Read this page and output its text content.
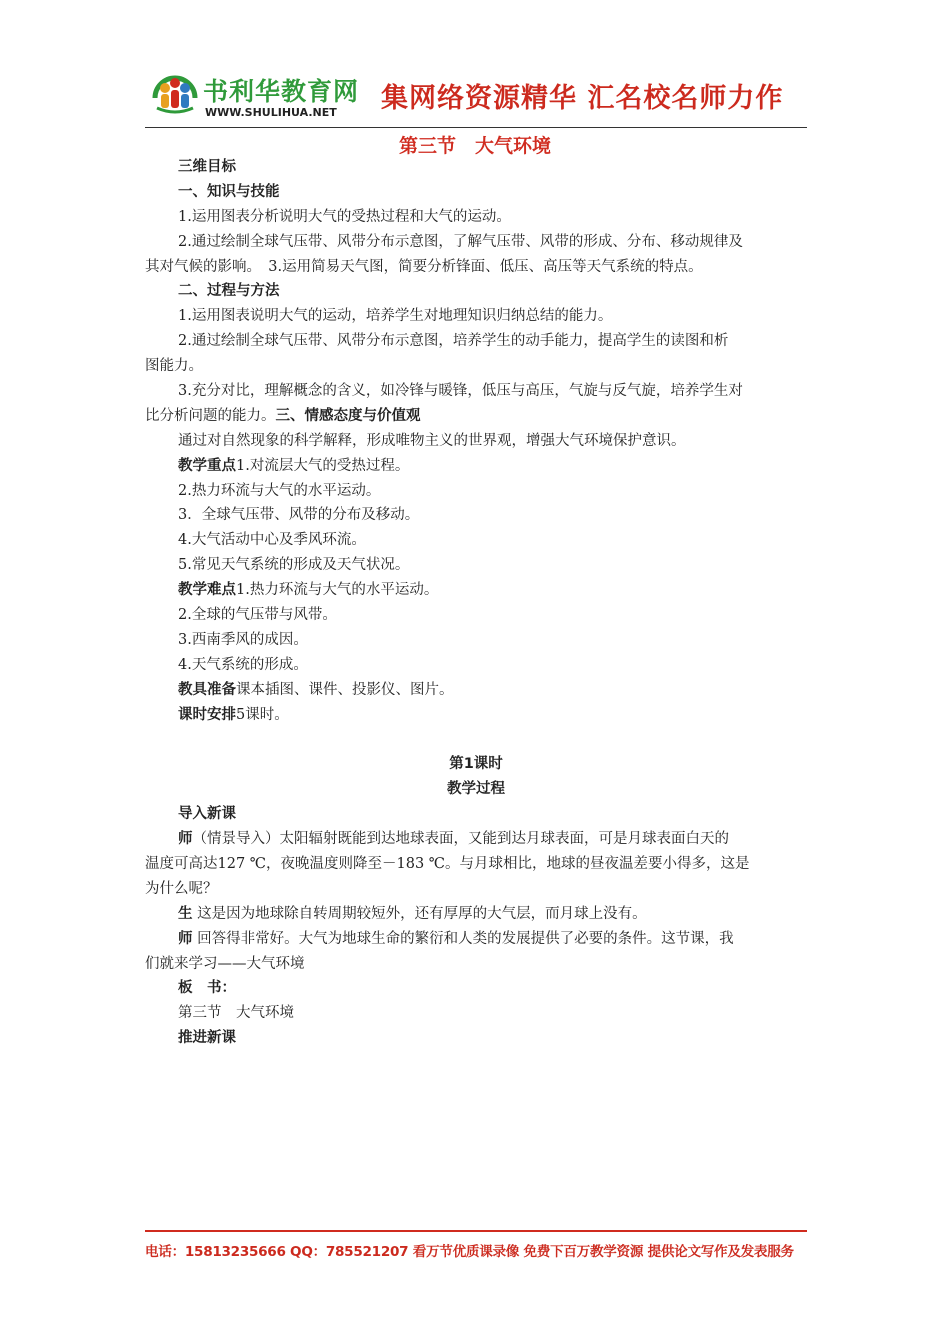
书利华教育网
WWW.SHULIHUA.NET 集网络资源精华 汇名校名师力作
第三节　大气环境
三维目标
一、知识与技能
1.运用图表分析说明大气的受热过程和大气的运动。
2.通过绘制全球气压带、风带分布示意图，了解气压带、风带的形成、分布、移动规律及
其对气候的影响。　3.运用简易天气图，简要分析锋面、低压、高压等天气系统的特点。
二、过程与方法
1.运用图表说明大气的运动，培养学生对地理知识归纳总结的能力。
2.通过绘制全球气压带、风带分布示意图，培养学生的动手能力，提高学生的读图和析
图能力。
3.充分对比，理解概念的含义，如冷锋与暖锋，低压与高压，气旋与反气旋，培养学生对
比分析问题的能力。三、情感态度与价值观
通过对自然现象的科学解释，形成唯物主义的世界观，增强大气环境保护意识。
教学重点1.对流层大气的受热过程。
2.热力环流与大气的水平运动。
3．全球气压带、风带的分布及移动。
4.大气活动中心及季风环流。
5.常见天气系统的形成及天气状况。
教学难点1.热力环流与大气的水平运动。
2.全球的气压带与风带。
3.西南季风的成因。
4.天气系统的形成。
教具准备课本插图、课件、投影仪、图片。
课时安排5课时。
第1课时
教学过程
导入新课
师（情景导入）太阳辐射既能到达地球表面，又能到达月球表面，可是月球表面白天的
温度可高达127 ℃，夜晚温度则降至－183 ℃。与月球相比，地球的昼夜温差要小得多，这是
为什么呢？
生 这是因为地球除自转周期较短外，还有厚厚的大气层，而月球上没有。
师 回答得非常好。大气为地球生命的繁衍和人类的发展提供了必要的条件。这节课，我
们就来学习——大气环境
板　书：
第三节　大气环境
推进新课
电话：15813235666 QQ：785521207 看万节优质课录像 免费下百万教学资源 提供论文写作及发表服务
